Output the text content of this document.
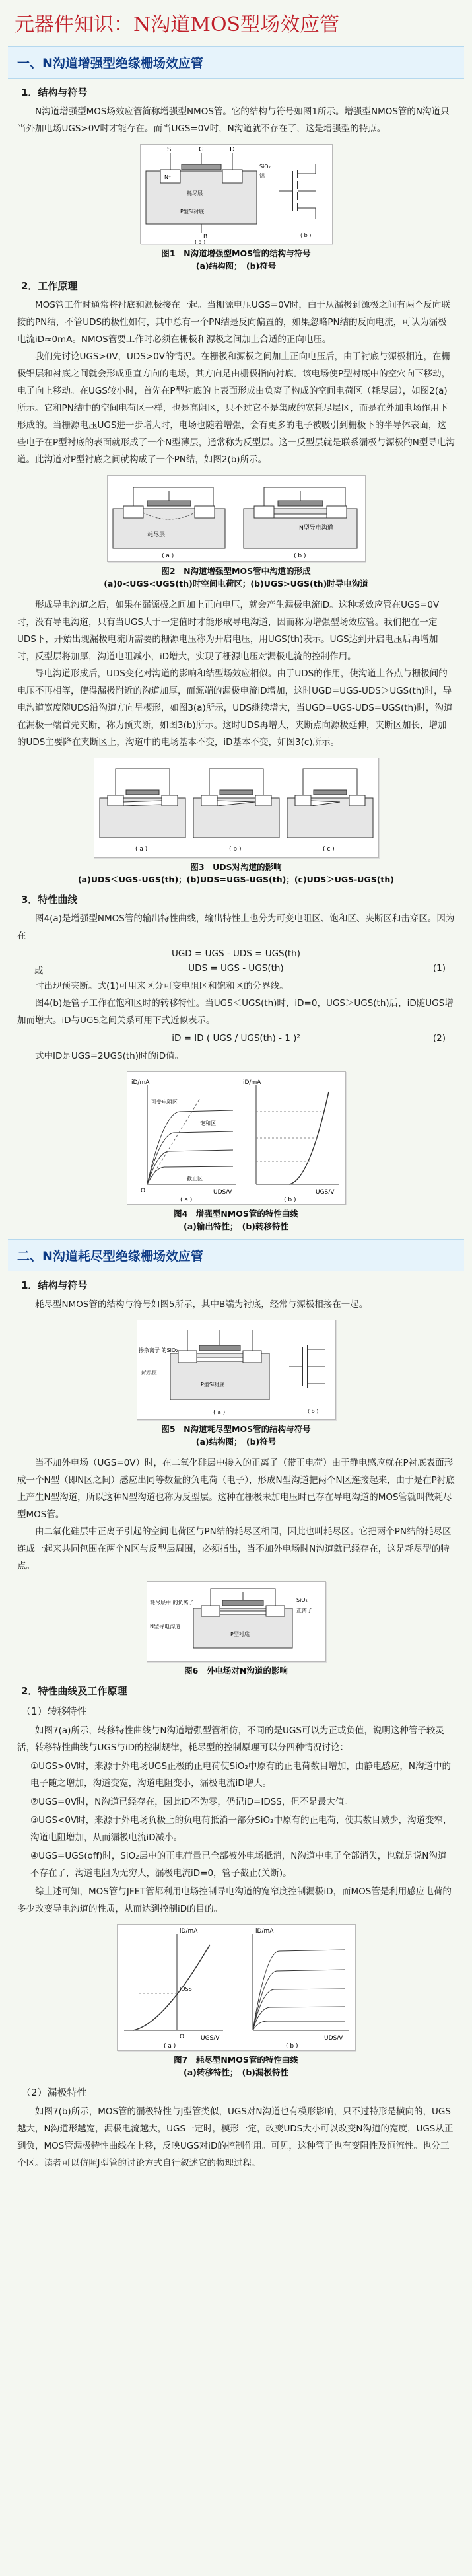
元器件知识：N沟道MOS型场效应管
一、N沟道增强型绝缘栅场效应管
1．结构与符号

N沟道增强型MOS场效应管简称增强型NMOS管。它的结构与符号如图1所示。增强型NMOS管的N沟道只当外加电场UGS>0V时才能存在。而当UGS=0V时，N沟道就不存在了，这是增强型的特点。

S	G	D
SiO₂
铝
N⁺
耗尽层
P型Si衬底
B
( a )
( b )
图1　N沟道增强型MOS管的结构与符号
(a)结构图；　(b)符号
2．工作原理

MOS管工作时通常将衬底和源极接在一起。当栅源电压UGS=0V时，由于从漏极到源极之间有两个反向联接的PN结，不管UDS的极性如何，其中总有一个PN结是反向偏置的，如果忽略PN结的反向电流，可认为漏极电流iD≈0mA。NMOS管要工作时必须在栅极和源极之间加上合适的正向电压。

我们先讨论UGS>0V，UDS>0V的情况。在栅极和源极之间加上正向电压后，由于衬底与源极相连，在栅极铝层和衬底之间就会形成垂直方向的电场，其方向是由栅极指向衬底。该电场使P型衬底中的空穴向下移动，电子向上移动。在UGS较小时，首先在P型衬底的上表面形成由负离子构成的空间电荷区（耗尽层），如图2(a)所示。它和PN结中的空间电荷区一样，也是高阻区，只不过它不是集成的宽耗尽层区，而是在外加电场作用下形成的。当栅源电压UGS进一步增大时，电场也随着增强，会有更多的电子被吸引到栅极下的半导体表面，这些电子在P型衬底的表面就形成了一个N型薄层，通常称为反型层。这一反型层就是联系漏极与源极的N型导电沟道。此沟道对P型衬底之间就构成了一个PN结，如图2(b)所示。

耗尽层
( a )
N型导电沟道
( b )
图2　N沟道增强型MOS管中沟道的形成
(a)0<UGS<UGS(th)时空间电荷区；(b)UGS>UGS(th)时导电沟道

形成导电沟道之后，如果在漏源极之间加上正向电压，就会产生漏极电流iD。这种场效应管在UGS=0V时，没有导电沟道，只有当UGS大于一定值时才能形成导电沟道，因而称为增强型场效应管。我们把在一定UDS下，开始出现漏极电流所需要的栅源电压称为开启电压，用UGS(th)表示。UGS达到开启电压后再增加时，反型层将加厚，沟道电阻减小，iD增大，实现了栅源电压对漏极电流的控制作用。

导电沟道形成后，UDS变化对沟道的影响和结型场效应相似。由于UDS的作用，使沟道上各点与栅极间的电压不再相等，使得漏极附近的沟道加厚，而源端的漏极电流iD增加，这时UGD=UGS-UDS＞UGS(th)时，导电沟道宽度随UDS沿沟道方向呈楔形，如图3(a)所示，UDS继续增大，当UGD=UGS-UDS=UGS(th)时，沟道在漏极一端首先夹断，称为预夹断，如图3(b)所示。这时UDS再增大，夹断点向源极延伸，夹断区加长，增加的UDS主要降在夹断区上，沟道中的电场基本不变，iD基本不变，如图3(c)所示。

( a )	( b )	( c )
图3　UDS对沟道的影响
(a)UDS＜UGS-UGS(th)；(b)UDS=UGS-UGS(th)；(c)UDS＞UGS-UGS(th)
3．特性曲线

图4(a)是增强型NMOS管的输出特性曲线，输出特性上也分为可变电阻区、饱和区、夹断区和击穿区。因为在

UGD = UGS - UDS = UGS(th)
或	UDS = UGS - UGS(th)	(1)

时出现预夹断。式(1)可用来区分可变电阻区和饱和区的分界线。

图4(b)是管子工作在饱和区时的转移特性。当UGS＜UGS(th)时，iD=0，UGS＞UGS(th)后，iD随UGS增加而增大。iD与UGS之间关系可用下式近似表示。

iD = ID ( UGS / UGS(th) - 1 )²	(2)

式中ID是UGS=2UGS(th)时的iD值。

iD/mA
UDS/V
O
可变电阻区
饱和区
截止区
( a )
iD/mA
UGS/V
( b )
图4　增强型NMOS管的特性曲线
(a)输出特性；　(b)转移特性
二、N沟道耗尽型绝缘栅场效应管
1．结构与符号

耗尽型NMOS管的结构与符号如图5所示，其中B端为衬底，经常与源极相接在一起。

掺杂离子 的SiO₂
耗尽层
P型Si衬底
( a )	( b )
图5　N沟道耗尽型MOS管的结构与符号
(a)结构图；　(b)符号

当不加外电场（UGS=0V）时，在二氧化硅层中掺入的正离子（带正电荷）由于静电感应就在P衬底表面形成一个N型（即N区之间）感应出同等数量的负电荷（电子），形成N型沟道把两个N区连接起来，由于是在P衬底上产生N型沟道，所以这种N型沟道也称为反型层。这种在栅极未加电压时已存在导电沟道的MOS管就叫做耗尽型MOS管。

由二氧化硅层中正离子引起的空间电荷区与PN结的耗尽区相同，因此也叫耗尽区。它把两个PN结的耗尽区连成一起来共同包围在两个N区与反型层周围，必须指出，当不加外电场时N沟道就已经存在，这是耗尽型的特点。

耗尽层中 的负离子
N型导电沟道
P型衬底
SiO₂
正离子
图6　外电场对N沟道的影响
2．特性曲线及工作原理
（1）转移特性

如图7(a)所示，转移特性曲线与N沟道增强型管相仿，不同的是UGS可以为正或负值，说明这种管子较灵活，转移特性曲线与UGS与iD的控制规律，耗尽型的控制原理可以分四种情况讨论：

①UGS>0V时，来源于外电场UGS正极的正电荷使SiO₂中原有的正电荷数目增加，由静电感应，N沟道中的电子随之增加，沟道变宽，沟道电阻变小，漏极电流iD增大。

②UGS=0V时，N沟道已经存在，因此iD不为零，仍记iD=IDSS，但不是最大值。

③UGS<0V时，来源于外电场负极上的负电荷抵消一部分SiO₂中原有的正电荷，使其数目减少，沟道变窄，沟道电阻增加，从而漏极电流iD减小。

④UGS=UGS(off)时，SiO₂层中的正电荷量已全部被外电场抵消，N沟道中电子全部消失，也就是说N沟道不存在了，沟道电阻为无穷大，漏极电流iD=0，管子截止(关断)。

综上述可知，MOS管与JFET管都利用电场控制导电沟道的宽窄度控制漏极iD，而MOS管是利用感应电荷的多少改变导电沟道的性质，从而达到控制iD的目的。

iD/mA
UGS/V
O
IDSS
( a )
iD/mA
UDS/V
( b )
图7　耗尽型NMOS管的特性曲线
(a)转移特性；　(b)漏极特性
（2）漏极特性

如图7(b)所示，MOS管的漏极特性与J型管类似，UGS对N沟道也有模形影响，只不过特形是横向的，UGS越大，N沟道形越宽，漏极电流越大，UGS一定时，模形一定，改变UDS大小可以改变N沟道的宽度，UGS从正到负，MOS管漏极特性曲线在上移，反映UGS对iD的控制作用。可见，这种管子也有变阻性及恒流性。也分三个区。读者可以仿照J型管的讨论方式自行叙述它的物理过程。
